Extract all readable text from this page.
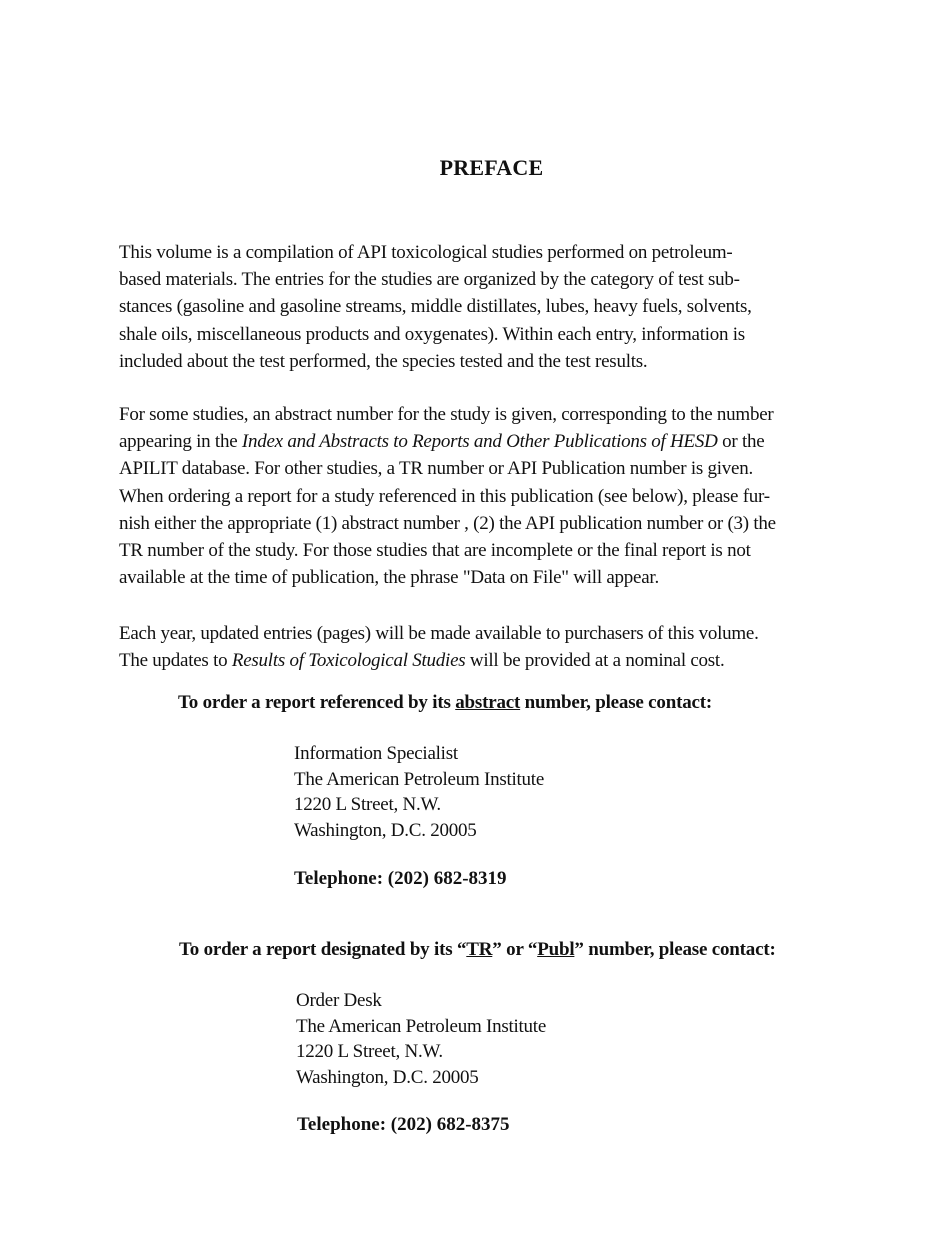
PREFACE

This volume is a compilation of API toxicological studies performed on petroleum-
based materials. The entries for the studies are organized by the category of test sub-
stances (gasoline and gasoline streams, middle distillates, lubes, heavy fuels, solvents,
shale oils, miscellaneous products and oxygenates). Within each entry, information is
included about the test performed, the species tested and the test results.

For some studies, an abstract number for the study is given, corresponding to the number
appearing in the Index and Abstracts to Reports and Other Publications of HESD or the
APILIT database. For other studies, a TR number or API Publication number is given.
When ordering a report for a study referenced in this publication (see below), please fur-
nish either the appropriate (1) abstract number , (2) the API publication number or (3) the
TR number of the study. For those studies that are incomplete or the final report is not
available at the time of publication, the phrase "Data on File" will appear.

Each year, updated entries (pages) will be made available to purchasers of this volume.
The updates to Results of Toxicological Studies will be provided at a nominal cost.

To order a report referenced by its abstract number, please contact:

Information Specialist
The American Petroleum Institute
1220 L Street, N.W.
Washington, D.C. 20005

Telephone: (202) 682-8319

To order a report designated by its “TR” or “Publ” number, please contact:

Order Desk
The American Petroleum Institute
1220 L Street, N.W.
Washington, D.C. 20005

Telephone: (202) 682-8375
